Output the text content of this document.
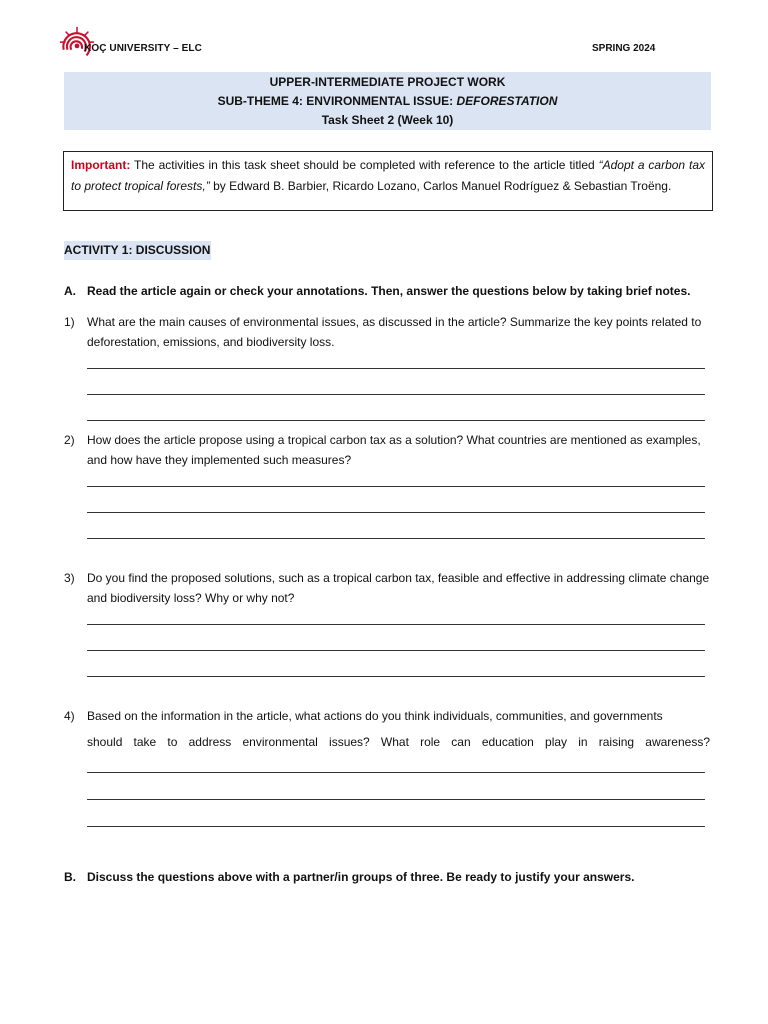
KOÇ UNIVERSITY – ELC	SPRING 2024
UPPER-INTERMEDIATE PROJECT WORK
SUB-THEME 4: ENVIRONMENTAL ISSUE: DEFORESTATION
Task Sheet 2 (Week 10)
Important: The activities in this task sheet should be completed with reference to the article titled “Adopt a carbon tax to protect tropical forests,” by Edward B. Barbier, Ricardo Lozano, Carlos Manuel Rodríguez & Sebastian Troëng.
ACTIVITY 1: DISCUSSION
A. Read the article again or check your annotations. Then, answer the questions below by taking brief notes.
1) What are the main causes of environmental issues, as discussed in the article? Summarize the key points related to deforestation, emissions, and biodiversity loss.
2) How does the article propose using a tropical carbon tax as a solution? What countries are mentioned as examples, and how have they implemented such measures?
3) Do you find the proposed solutions, such as a tropical carbon tax, feasible and effective in addressing climate change and biodiversity loss? Why or why not?
4) Based on the information in the article, what actions do you think individuals, communities, and governments
should take to address environmental issues? What role can education play in raising awareness?
B. Discuss the questions above with a partner/in groups of three. Be ready to justify your answers.
